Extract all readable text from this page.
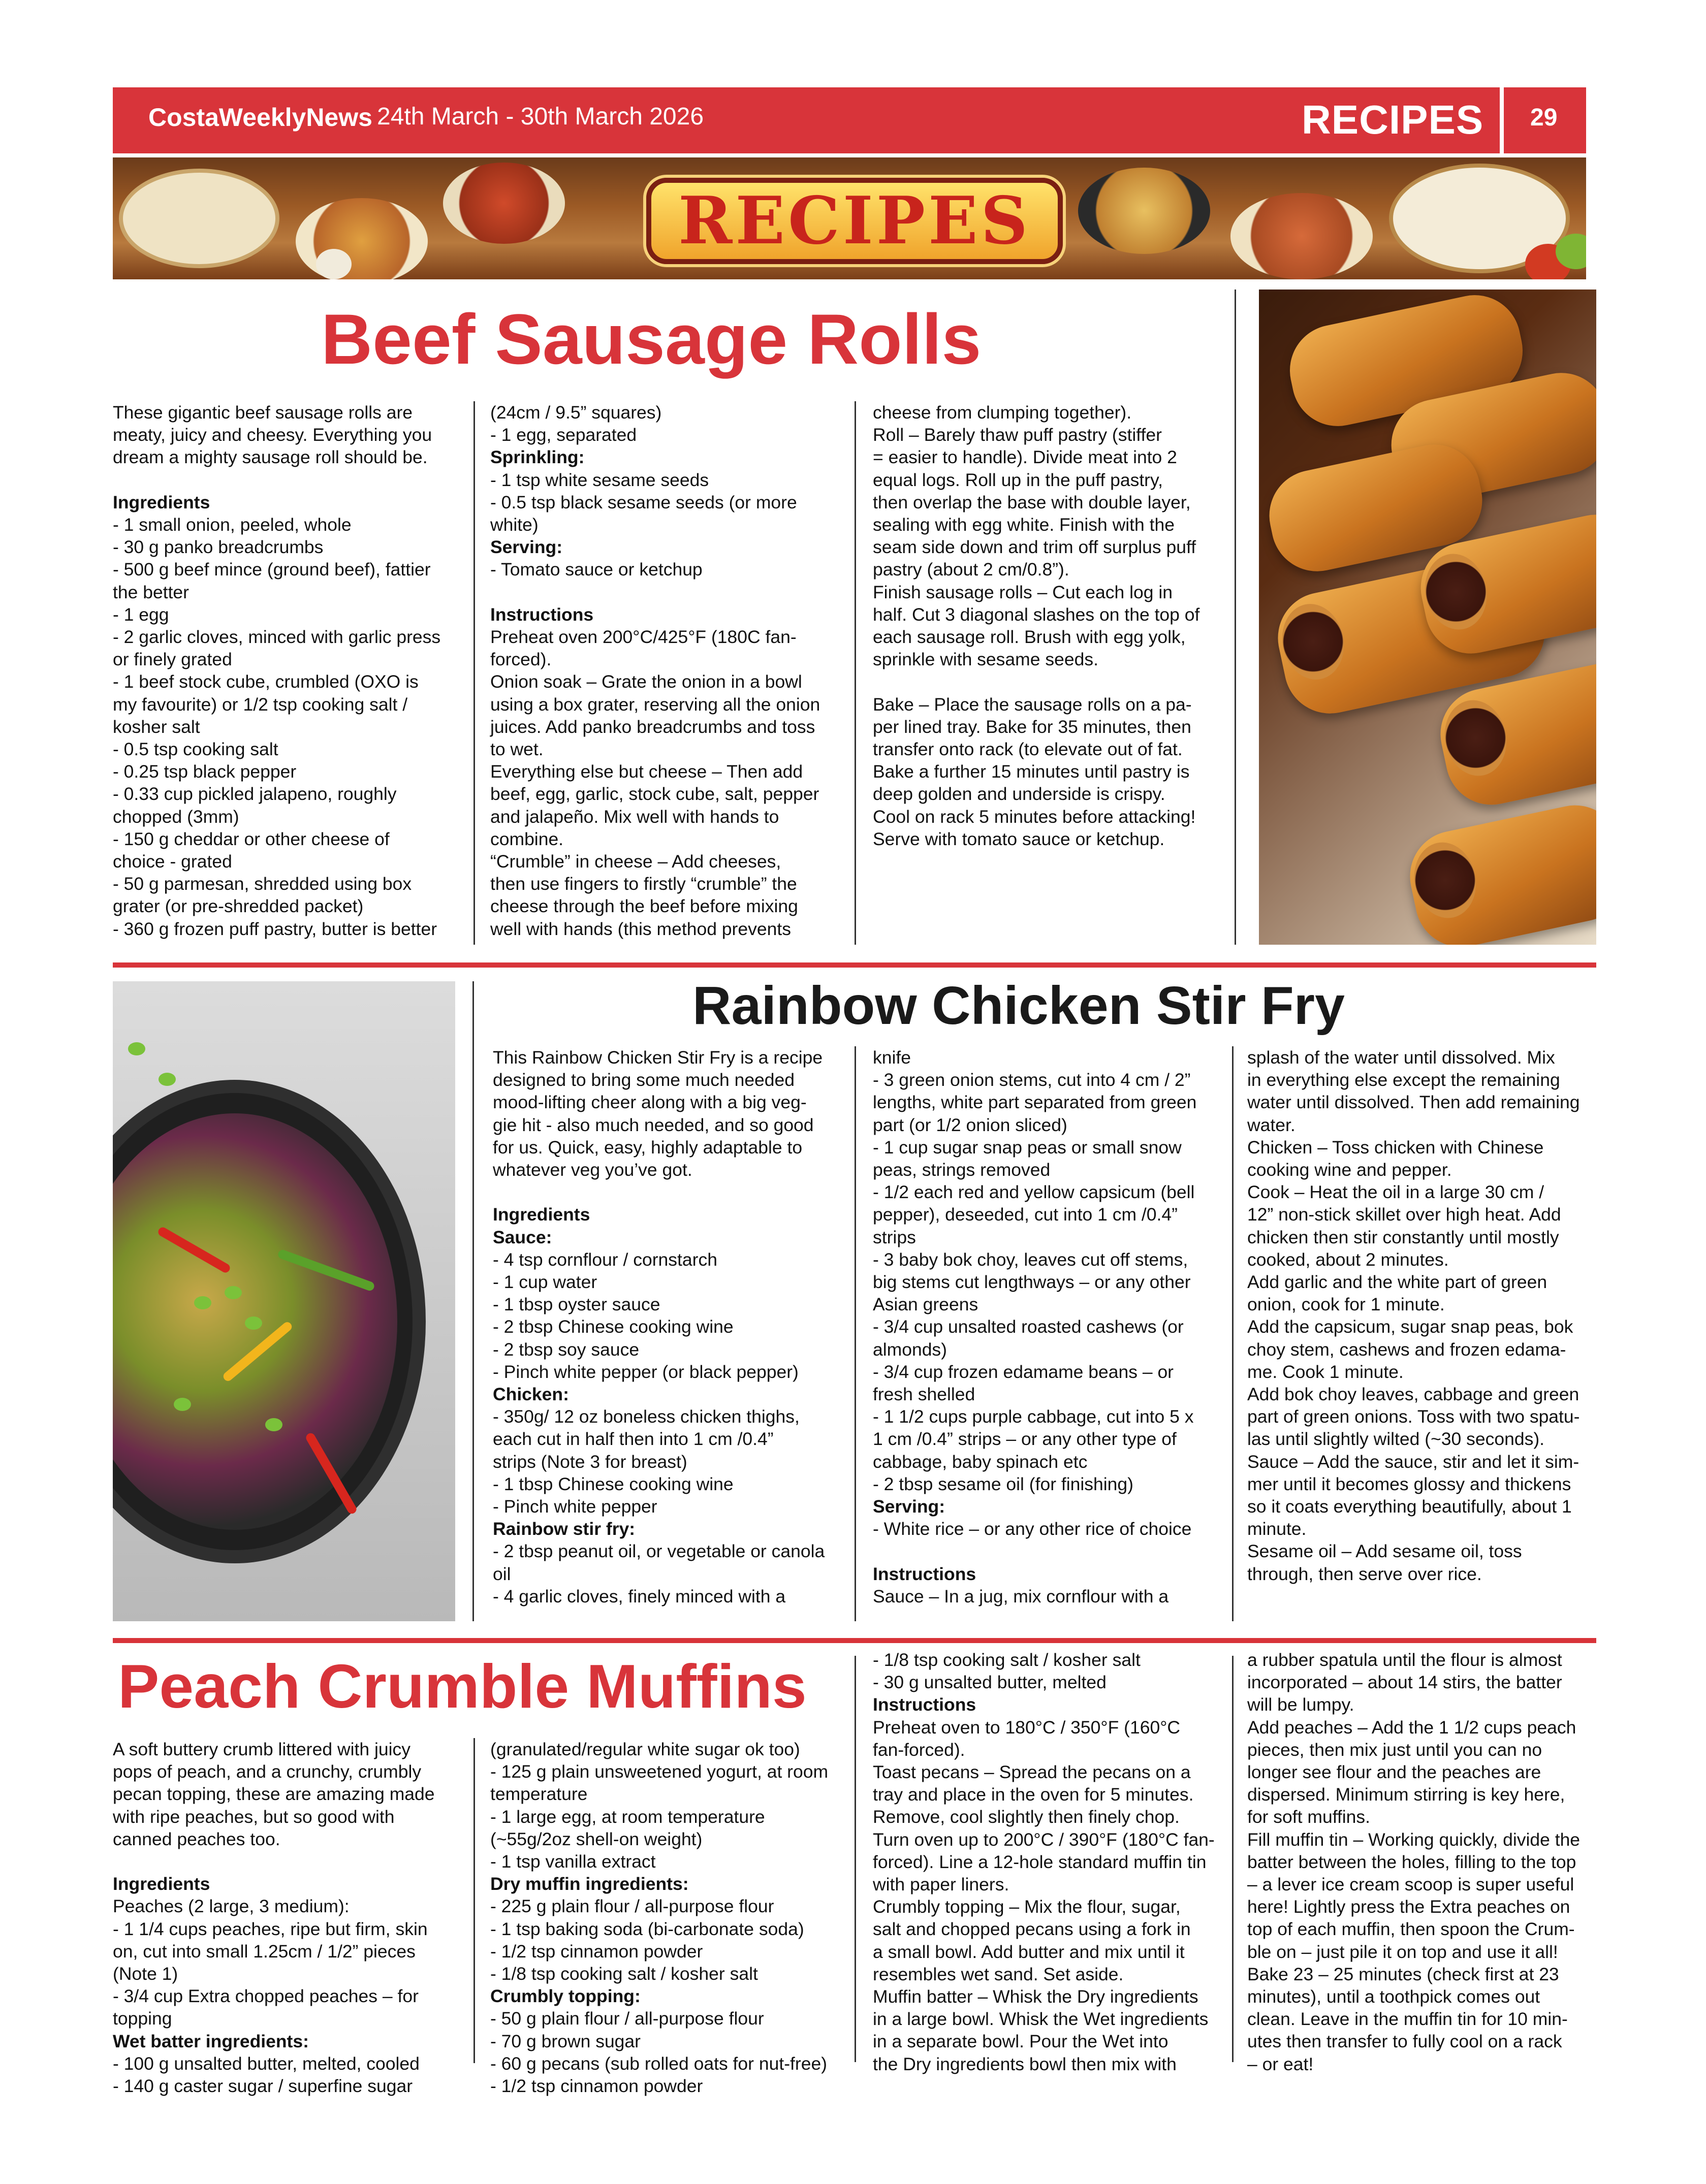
CostaWeeklyNews 24th March - 30th March 2026	RECIPES 29
RECIPES
Beef Sausage Rolls
These gigantic beef sausage rolls are
meaty, juicy and cheesy. Everything you
dream a mighty sausage roll should be.

Ingredients
- 1 small onion, peeled, whole
- 30 g panko breadcrumbs
- 500 g beef mince (ground beef), fattier
the better
- 1 egg
- 2 garlic cloves, minced with garlic press
or finely grated
- 1 beef stock cube, crumbled (OXO is
my favourite) or 1/2 tsp cooking salt /
kosher salt
- 0.5 tsp cooking salt
- 0.25 tsp black pepper
- 0.33 cup pickled jalapeno, roughly
chopped (3mm)
- 150 g cheddar or other cheese of
choice - grated
- 50 g parmesan, shredded using box
grater (or pre-shredded packet)
- 360 g frozen puff pastry, butter is better
(24cm / 9.5” squares)
- 1 egg, separated
Sprinkling:
- 1 tsp white sesame seeds
- 0.5 tsp black sesame seeds (or more
white)
Serving:
- Tomato sauce or ketchup

Instructions
Preheat oven 200°C/425°F (180C fan-
forced).
Onion soak – Grate the onion in a bowl
using a box grater, reserving all the onion
juices. Add panko breadcrumbs and toss
to wet.
Everything else but cheese – Then add
beef, egg, garlic, stock cube, salt, pepper
and jalapeño. Mix well with hands to
combine.
“Crumble” in cheese – Add cheeses,
then use fingers to firstly “crumble” the
cheese through the beef before mixing
well with hands (this method prevents
cheese from clumping together).
Roll – Barely thaw puff pastry (stiffer
= easier to handle). Divide meat into 2
equal logs. Roll up in the puff pastry,
then overlap the base with double layer,
sealing with egg white. Finish with the
seam side down and trim off surplus puff
pastry (about 2 cm/0.8”).
Finish sausage rolls – Cut each log in
half. Cut 3 diagonal slashes on the top of
each sausage roll. Brush with egg yolk,
sprinkle with sesame seeds.

Bake – Place the sausage rolls on a pa-
per lined tray. Bake for 35 minutes, then
transfer onto rack (to elevate out of fat.
Bake a further 15 minutes until pastry is
deep golden and underside is crispy.
Cool on rack 5 minutes before attacking!
Serve with tomato sauce or ketchup.
Rainbow Chicken Stir Fry
This Rainbow Chicken Stir Fry is a recipe
designed to bring some much needed
mood-lifting cheer along with a big veg-
gie hit - also much needed, and so good
for us. Quick, easy, highly adaptable to
whatever veg you’ve got.

Ingredients
Sauce:
- 4 tsp cornflour / cornstarch
- 1 cup water
- 1 tbsp oyster sauce
- 2 tbsp Chinese cooking wine
- 2 tbsp soy sauce
- Pinch white pepper (or black pepper)
Chicken:
- 350g/ 12 oz boneless chicken thighs,
each cut in half then into 1 cm /0.4”
strips (Note 3 for breast)
- 1 tbsp Chinese cooking wine
- Pinch white pepper
Rainbow stir fry:
- 2 tbsp peanut oil, or vegetable or canola
oil
- 4 garlic cloves, finely minced with a
knife
- 3 green onion stems, cut into 4 cm / 2”
lengths, white part separated from green
part (or 1/2 onion sliced)
- 1 cup sugar snap peas or small snow
peas, strings removed
- 1/2 each red and yellow capsicum (bell
pepper), deseeded, cut into 1 cm /0.4”
strips
- 3 baby bok choy, leaves cut off stems,
big stems cut lengthways – or any other
Asian greens
- 3/4 cup unsalted roasted cashews (or
almonds)
- 3/4 cup frozen edamame beans – or
fresh shelled
- 1 1/2 cups purple cabbage, cut into 5 x
1 cm /0.4” strips – or any other type of
cabbage, baby spinach etc
- 2 tbsp sesame oil (for finishing)
Serving:
- White rice – or any other rice of choice

Instructions
Sauce – In a jug, mix cornflour with a
splash of the water until dissolved. Mix
in everything else except the remaining
water until dissolved. Then add remaining
water.
Chicken – Toss chicken with Chinese
cooking wine and pepper.
Cook – Heat the oil in a large 30 cm /
12” non-stick skillet over high heat. Add
chicken then stir constantly until mostly
cooked, about 2 minutes.
Add garlic and the white part of green
onion, cook for 1 minute.
Add the capsicum, sugar snap peas, bok
choy stem, cashews and frozen edama-
me. Cook 1 minute.
Add bok choy leaves, cabbage and green
part of green onions. Toss with two spatu-
las until slightly wilted (~30 seconds).
Sauce – Add the sauce, stir and let it sim-
mer until it becomes glossy and thickens
so it coats everything beautifully, about 1
minute.
Sesame oil – Add sesame oil, toss
through, then serve over rice.
Peach Crumble Muffins
A soft buttery crumb littered with juicy
pops of peach, and a crunchy, crumbly
pecan topping, these are amazing made
with ripe peaches, but so good with
canned peaches too.

Ingredients
Peaches (2 large, 3 medium):
- 1 1/4 cups peaches, ripe but firm, skin
on, cut into small 1.25cm / 1/2” pieces
(Note 1)
- 3/4 cup Extra chopped peaches – for
topping
Wet batter ingredients:
- 100 g unsalted butter, melted, cooled
- 140 g caster sugar / superfine sugar
(granulated/regular white sugar ok too)
- 125 g plain unsweetened yogurt, at room
temperature
- 1 large egg, at room temperature
(~55g/2oz shell-on weight)
- 1 tsp vanilla extract
Dry muffin ingredients:
- 225 g plain flour / all-purpose flour
- 1 tsp baking soda (bi-carbonate soda)
- 1/2 tsp cinnamon powder
- 1/8 tsp cooking salt / kosher salt
Crumbly topping:
- 50 g plain flour / all-purpose flour
- 70 g brown sugar
- 60 g pecans (sub rolled oats for nut-free)
- 1/2 tsp cinnamon powder
- 1/8 tsp cooking salt / kosher salt
- 30 g unsalted butter, melted
Instructions
Preheat oven to 180°C / 350°F (160°C
fan-forced).
Toast pecans – Spread the pecans on a
tray and place in the oven for 5 minutes.
Remove, cool slightly then finely chop.
Turn oven up to 200°C / 390°F (180°C fan-
forced). Line a 12-hole standard muffin tin
with paper liners.
Crumbly topping – Mix the flour, sugar,
salt and chopped pecans using a fork in
a small bowl. Add butter and mix until it
resembles wet sand. Set aside.
Muffin batter – Whisk the Dry ingredients
in a large bowl. Whisk the Wet ingredients
in a separate bowl. Pour the Wet into
the Dry ingredients bowl then mix with
a rubber spatula until the flour is almost
incorporated – about 14 stirs, the batter
will be lumpy.
Add peaches – Add the 1 1/2 cups peach
pieces, then mix just until you can no
longer see flour and the peaches are
dispersed. Minimum stirring is key here,
for soft muffins.
Fill muffin tin – Working quickly, divide the
batter between the holes, filling to the top
– a lever ice cream scoop is super useful
here! Lightly press the Extra peaches on
top of each muffin, then spoon the Crum-
ble on – just pile it on top and use it all!
Bake 23 – 25 minutes (check first at 23
minutes), until a toothpick comes out
clean. Leave in the muffin tin for 10 min-
utes then transfer to fully cool on a rack
– or eat!
